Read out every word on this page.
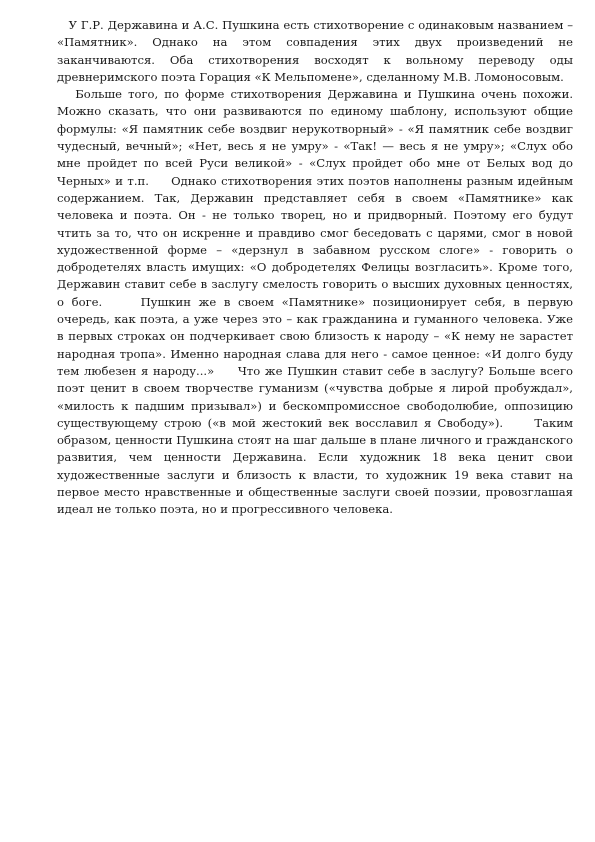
У Г.Р. Державина и А.С. Пушкина есть стихотворение с одинаковым названием – «Памятник». Однако на этом совпадения этих двух произведений не заканчиваются. Оба стихотворения восходят к вольному переводу оды древнеримского поэта Горация «К Мельпомене», сделанному М.В. Ломоносовым.
Больше того, по форме стихотворения Державина и Пушкина очень похожи. Можно сказать, что они развиваются по единому шаблону, используют общие формулы: «Я памятник себе воздвиг нерукотворный» - «Я памятник себе воздвиг чудесный, вечный»; «Нет, весь я не умру» - «Так! — весь я не умру»; «Слух обо мне пройдет по всей Руси великой» - «Слух пройдет обо мне от Белых вод до Черных» и т.п.     Однако стихотворения этих поэтов наполнены разным идейным содержанием. Так, Державин представляет себя в своем «Памятнике» как человека и поэта. Он - не только творец, но и придворный. Поэтому его будут чтить за то, что он искренне и правдиво смог беседовать с царями, смог в новой художественной форме – «дерзнул в забавном русском слоге» - говорить о добродетелях власть имущих: «О добродетелях Фелицы возгласить». Кроме того, Державин ставит себе в заслугу смелость говорить о высших духовных ценностях, о боге.     Пушкин же в своем «Памятнике» позиционирует себя, в первую очередь, как поэта, а уже через это – как гражданина и гуманного человека. Уже в первых строках он подчеркивает свою близость к народу – «К нему не зарастет народная тропа». Именно народная слава для него - самое ценное: «И долго буду тем любезен я народу...»     Что же Пушкин ставит себе в заслугу? Больше всего поэт ценит в своем творчестве гуманизм («чувства добрые я лирой пробуждал», «милость к падшим призывал») и бескомпромиссное свободолюбие, оппозицию существующему строю («в мой жестокий век восславил я Свободу»).     Таким образом, ценности Пушкина стоят на шаг дальше в плане личного и гражданского развития, чем ценности Державина. Если художник 18 века ценит свои художественные заслуги и близость к власти, то художник 19 века ставит на первое место нравственные и общественные заслуги своей поэзии, провозглашая идеал не только поэта, но и прогрессивного человека.
